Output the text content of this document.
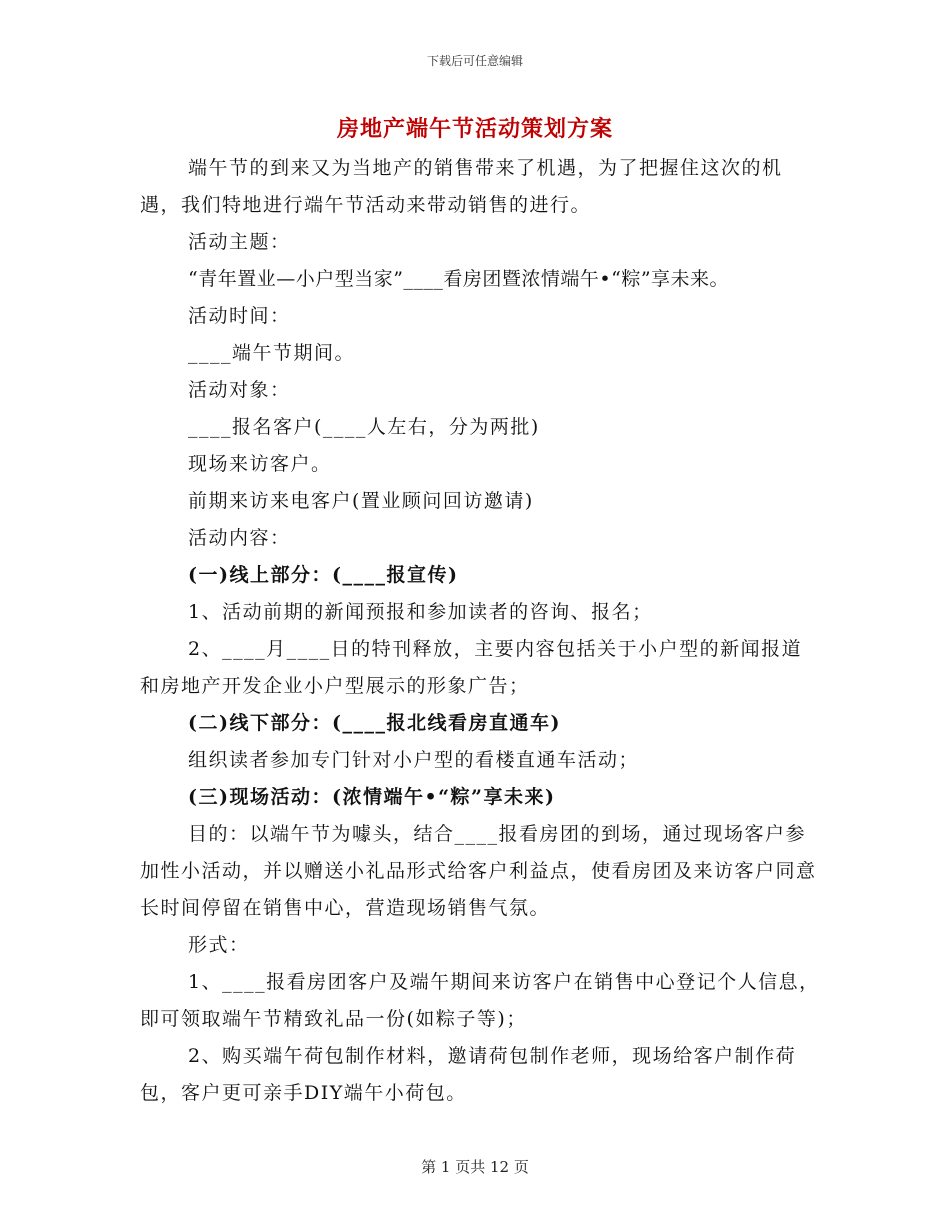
下载后可任意编辑
房地产端午节活动策划方案

端午节的到来又为当地产的销售带来了机遇，为了把握住这次的机遇，我们特地进行端午节活动来带动销售的进行。

活动主题：

“青年置业—小户型当家”____看房团暨浓情端午•“粽”享未来。

活动时间：

____端午节期间。

活动对象：

____报名客户(____人左右，分为两批)

现场来访客户。

前期来访来电客户(置业顾问回访邀请)

活动内容：

(一)线上部分：(____报宣传)

1、活动前期的新闻预报和参加读者的咨询、报名；

2、____月____日的特刊释放，主要内容包括关于小户型的新闻报道和房地产开发企业小户型展示的形象广告；

(二)线下部分：(____报北线看房直通车)

组织读者参加专门针对小户型的看楼直通车活动；

(三)现场活动：(浓情端午•“粽”享未来)

目的：以端午节为噱头，结合____报看房团的到场，通过现场客户参加性小活动，并以赠送小礼品形式给客户利益点，使看房团及来访客户同意长时间停留在销售中心，营造现场销售气氛。

形式：

1、____报看房团客户及端午期间来访客户在销售中心登记个人信息，即可领取端午节精致礼品一份(如粽子等)；

2、购买端午荷包制作材料，邀请荷包制作老师，现场给客户制作荷包，客户更可亲手DIY端午小荷包。

第 1 页共 12 页
